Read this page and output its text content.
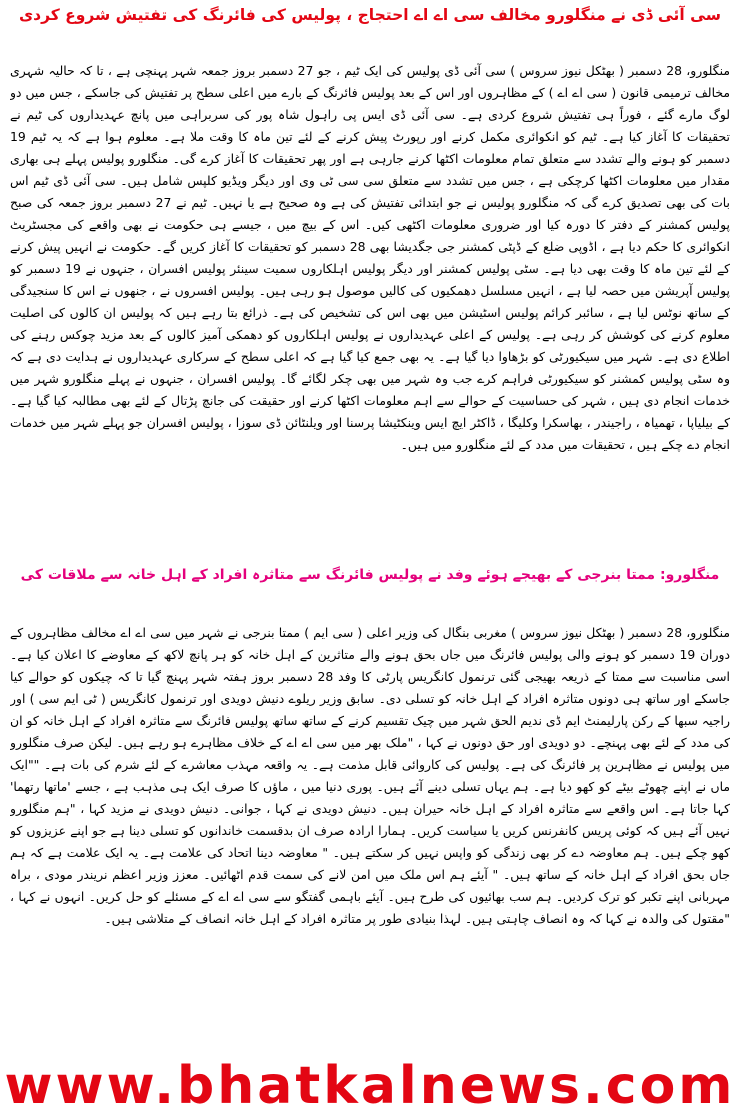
سی آئی ڈی نے منگلورو مخالف سی اے اے احتجاج ، پولیس کی فائرنگ کی تفتیش شروع کردی
منگلورو، 28 دسمبر ( بھٹکل نیوز سروس ) سی آئی ڈی پولیس کی ایک ٹیم ، جو 27 دسمبر بروز جمعہ شہر پہنچی ہے ، تا کہ حالیہ شہری مخالف ترمیمی قانون ( سی اے اے ) کے مظاہروں اور اس کے بعد پولیس فائرنگ کے بارے میں اعلی سطح پر تفتیش کی جاسکے ، جس میں دو لوگ مارے گئے ، فوراً ہی تفتیش شروع کردی ہے۔ سی آئی ڈی ایس پی راہول شاہ پور کی سربراہی میں پانچ عہدیداروں کی ٹیم نے تحقیقات کا آغاز کیا ہے۔ ٹیم کو انکوائری مکمل کرنے اور رپورٹ پیش کرنے کے لئے تین ماہ کا وقت ملا ہے۔ معلوم ہوا ہے کہ یہ ٹیم 19 دسمبر کو ہونے والے تشدد سے متعلق تمام معلومات اکٹھا کرنے جارہی ہے اور پھر تحقیقات کا آغاز کرے گی۔ منگلورو پولیس پہلے ہی بھاری مقدار میں معلومات اکٹھا کرچکی ہے ، جس میں تشدد سے متعلق سی سی ٹی وی اور دیگر ویڈیو کلپس شامل ہیں۔ سی آئی ڈی ٹیم اس بات کی بھی تصدیق کرے گی کہ منگلورو پولیس نے جو ابتدائی تفتیش کی ہے وہ صحیح ہے یا نہیں۔ ٹیم نے 27 دسمبر بروز جمعہ کی صبح پولیس کمشنر کے دفتر کا دورہ کیا اور ضروری معلومات اکٹھی کیں۔ اس کے بیچ میں ، جیسے ہی حکومت نے بھی واقعے کی مجسٹریٹ انکوائری کا حکم دیا ہے ، اڈوپی ضلع کے ڈپٹی کمشنر جی جگدیشا بھی 28 دسمبر کو تحقیقات کا آغاز کریں گے۔ حکومت نے انہیں پیش کرنے کے لئے تین ماہ کا وقت بھی دیا ہے۔ سٹی پولیس کمشنر اور دیگر پولیس اہلکاروں سمیت سینئر پولیس افسران ، جنہوں نے 19 دسمبر کو پولیس آپریشن میں حصہ لیا ہے ، انہیں مسلسل دھمکیوں کی کالیں موصول ہو رہی ہیں۔ پولیس افسروں نے ، جنھوں نے اس کا سنجیدگی کے ساتھ نوٹس لیا ہے ، سائبر کرائم پولیس اسٹیشن میں بھی اس کی تشخیص کی ہے۔ ذرائع بتا رہے ہیں کہ پولیس ان کالوں کی اصلیت معلوم کرنے کی کوشش کر رہی ہے۔ پولیس کے اعلی عہدیداروں نے پولیس اہلکاروں کو دھمکی آمیز کالوں کے بعد مزید چوکس رہنے کی اطلاع دی ہے۔ شہر میں سیکیورٹی کو بڑھاوا دیا گیا ہے۔ یہ بھی جمع کیا گیا ہے کہ اعلی سطح کے سرکاری عہدیداروں نے ہدایت دی ہے کہ وہ سٹی پولیس کمشنر کو سیکیورٹی فراہم کرے جب وہ شہر میں بھی چکر لگائے گا۔ پولیس افسران ، جنہوں نے پہلے منگلورو شہر میں خدمات انجام دی ہیں ، شہر کی حساسیت کے حوالے سے اہم معلومات اکٹھا کرنے اور حقیقت کی جانچ پڑتال کے لئے بھی مطالبہ کیا گیا ہے۔ کے بیلیاپا ، تھمیاہ ، راجیندر ، بھاسکرا وکلیگا ، ڈاکٹر ایچ ایس وینکٹیشا پرسنا اور ویلنٹائن ڈی سوزا ، پولیس افسران جو پہلے شہر میں خدمات انجام دے چکے ہیں ، تحقیقات میں مدد کے لئے منگلورو میں ہیں۔
منگلورو: ممتا بنرجی کے بھیجے ہوئے وفد نے پولیس فائرنگ سے متاثرہ افراد کے اہل خانہ سے ملاقات کی
منگلورو، 28 دسمبر ( بھٹکل نیوز سروس ) مغربی بنگال کی وزیر اعلی ( سی ایم ) ممتا بنرجی نے شہر میں سی اے اے مخالف مظاہروں کے دوران 19 دسمبر کو ہونے والی پولیس فائرنگ میں جاں بحق ہونے والے متاثرین کے اہل خانہ کو ہر پانچ لاکھ کے معاوضے کا اعلان کیا ہے۔ اسی مناسبت سے ممتا کے ذریعہ بھیجی گئی ترنمول کانگریس پارٹی کا وفد 28 دسمبر بروز ہفتہ شہر پہنچ گیا تا کہ چیکوں کو حوالے کیا جاسکے اور ساتھ ہی دونوں متاثرہ افراد کے اہل خانہ کو تسلی دی۔ سابق وزیر ریلوے دنیش دویدی اور ترنمول کانگریس ( ٹی ایم سی ) اور راجیہ سبھا کے رکن پارلیمنٹ ایم ڈی ندیم الحق شہر میں چیک تقسیم کرنے کے ساتھ ساتھ پولیس فائرنگ سے متاثرہ افراد کے اہل خانہ کو ان کی مدد کے لئے بھی پہنچے۔ دو دویدی اور حق دونوں نے کہا ، "ملک بھر میں سی اے اے کے خلاف مظاہرے ہو رہے ہیں۔ لیکن صرف منگلورو میں پولیس نے مظاہرین پر فائرنگ کی ہے۔ پولیس کی کاروائی قابل مذمت ہے۔ یہ واقعہ مہذب معاشرے کے لئے شرم کی بات ہے۔ ""ایک ماں نے اپنے چھوٹے بیٹے کو کھو دیا ہے۔ ہم یہاں تسلی دینے آئے ہیں۔ پوری دنیا میں ، ماؤں کا صرف ایک ہی مذہب ہے ، جسے 'ماتھا رتھما' کہا جاتا ہے۔ اس واقعے سے متاثرہ افراد کے اہل خانہ حیران ہیں۔ دنیش دویدی نے کہا ، جوانی۔ دنیش دویدی نے مزید کہا ، "ہم منگلورو نہیں آئے ہیں کہ کوئی پریس کانفرنس کریں یا سیاست کریں۔ ہمارا ارادہ صرف ان بدقسمت خاندانوں کو تسلی دینا ہے جو اپنے عزیزوں کو کھو چکے ہیں۔ ہم معاوضہ دے کر بھی زندگی کو واپس نہیں کر سکتے ہیں۔ " معاوضہ دینا اتحاد کی علامت ہے۔ یہ ایک علامت ہے کہ ہم جاں بحق افراد کے اہل خانہ کے ساتھ ہیں۔ " آیئے ہم اس ملک میں امن لانے کی سمت قدم اٹھائیں۔ معزز وزیر اعظم نریندر مودی ، براہ مہربانی اپنے تکبر کو ترک کردیں۔ ہم سب بھائیوں کی طرح ہیں۔ آیئے باہمی گفتگو سے سی اے اے کے مسئلے کو حل کریں۔ انہوں نے کہا ، "مقتول کی والدہ نے کہا کہ وہ انصاف چاہتی ہیں۔ لہذا بنیادی طور پر متاثرہ افراد کے اہل خانہ انصاف کے متلاشی ہیں۔
www.bhatkalnews.com
